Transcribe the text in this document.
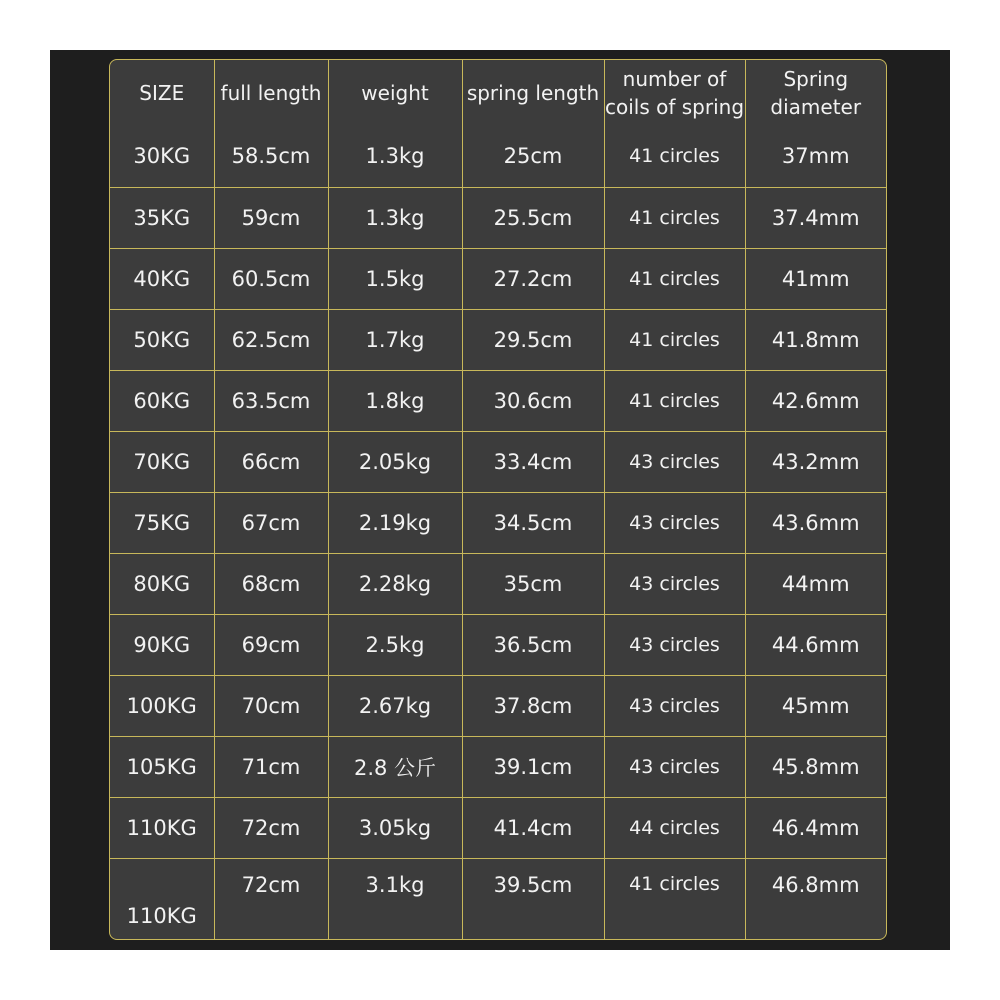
SIZE	full length	weight	spring length	number of coils of spring	Spring diameter
30KG	58.5cm	1.3kg	25cm	41 circles	37mm
35KG	59cm	1.3kg	25.5cm	41 circles	37.4mm
40KG	60.5cm	1.5kg	27.2cm	41 circles	41mm
50KG	62.5cm	1.7kg	29.5cm	41 circles	41.8mm
60KG	63.5cm	1.8kg	30.6cm	41 circles	42.6mm
70KG	66cm	2.05kg	33.4cm	43 circles	43.2mm
75KG	67cm	2.19kg	34.5cm	43 circles	43.6mm
80KG	68cm	2.28kg	35cm	43 circles	44mm
90KG	69cm	2.5kg	36.5cm	43 circles	44.6mm
100KG	70cm	2.67kg	37.8cm	43 circles	45mm
105KG	71cm	2.8 公斤	39.1cm	43 circles	45.8mm
110KG	72cm	3.05kg	41.4cm	44 circles	46.4mm
110KG	72cm	3.1kg	39.5cm	41 circles	46.8mm
